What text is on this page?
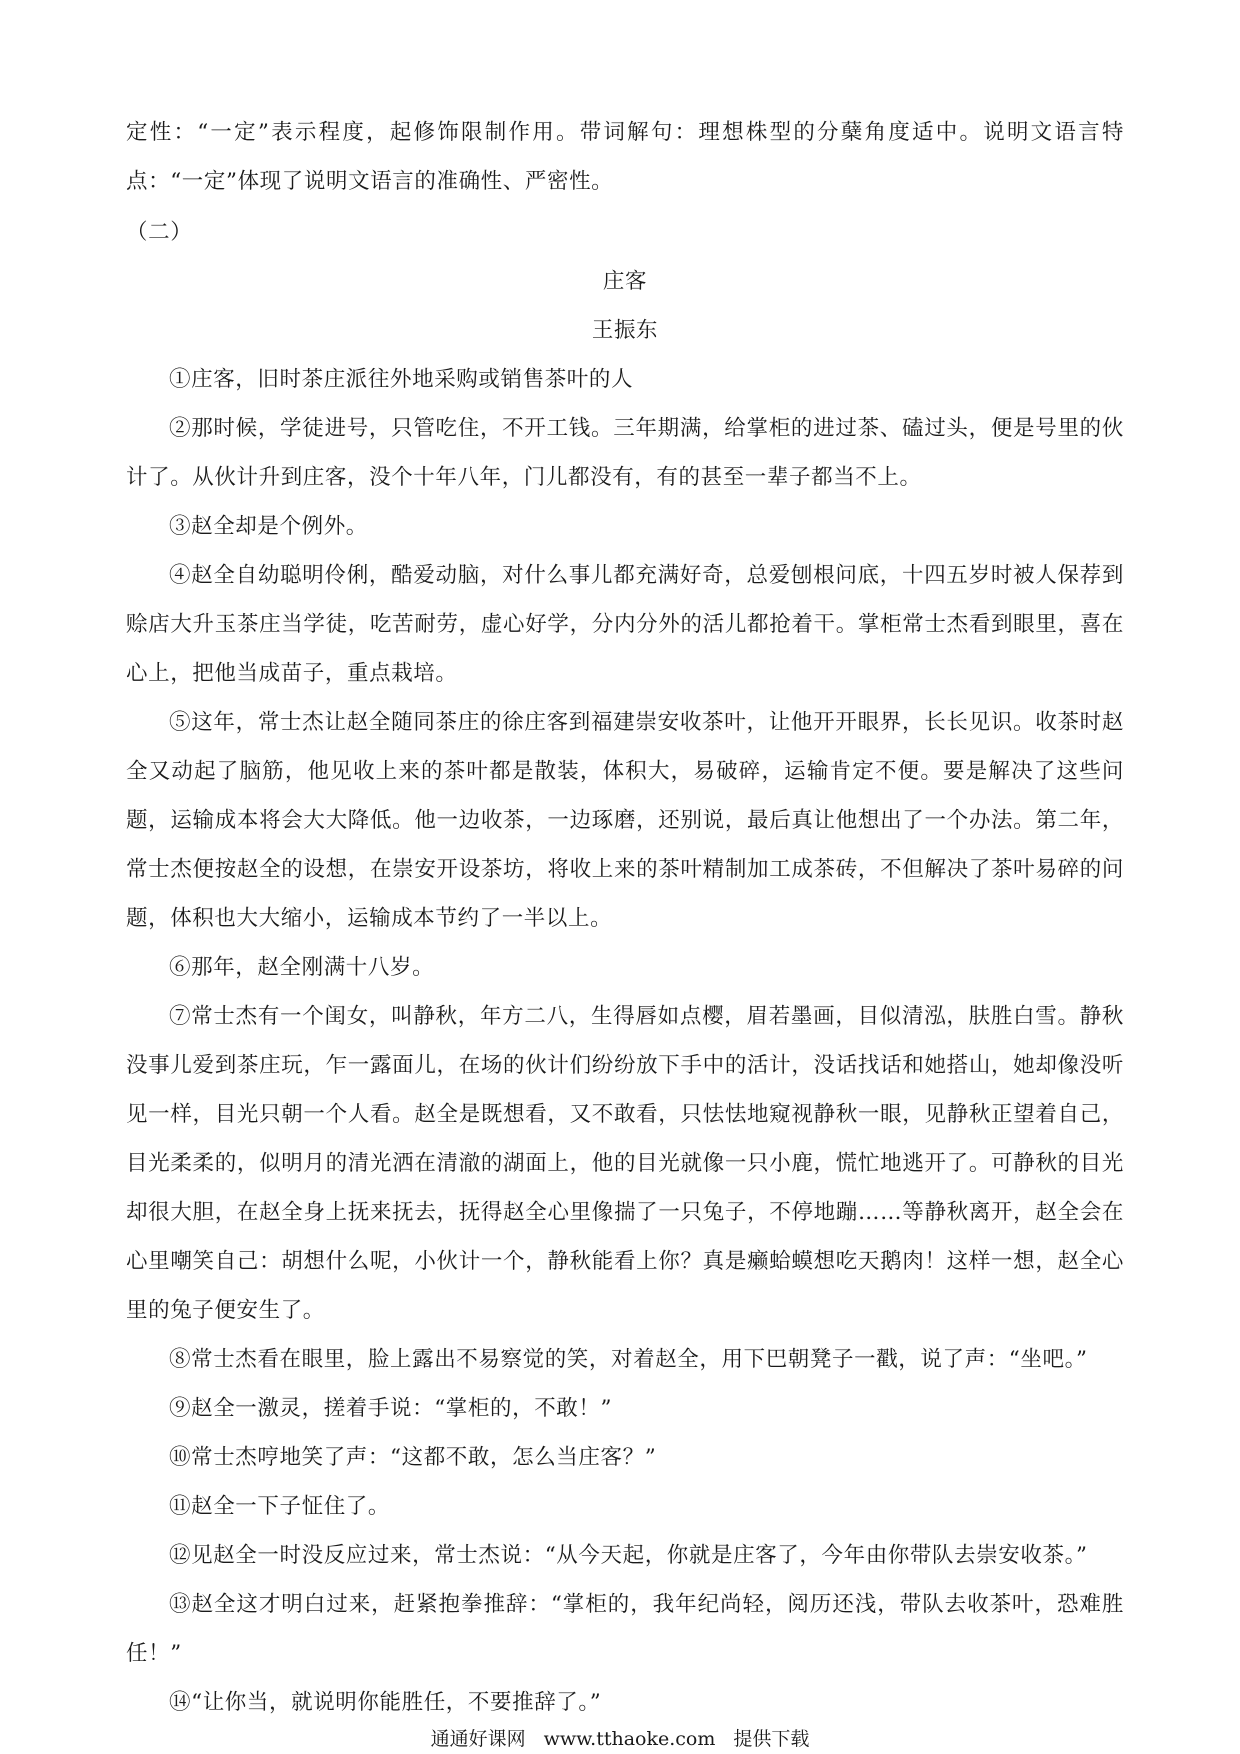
定性：“一定”表示程度，起修饰限制作用。带词解句：理想株型的分蘖角度适中。说明文语言特点：“一定”体现了说明文语言的准确性、严密性。

（二）

庄客

王振东

①庄客，旧时茶庄派往外地采购或销售茶叶的人

②那时候，学徒进号，只管吃住，不开工钱。三年期满，给掌柜的进过茶、磕过头，便是号里的伙计了。从伙计升到庄客，没个十年八年，门儿都没有，有的甚至一辈子都当不上。

③赵全却是个例外。

④赵全自幼聪明伶俐，酷爱动脑，对什么事儿都充满好奇，总爱刨根问底，十四五岁时被人保荐到赊店大升玉茶庄当学徒，吃苦耐劳，虚心好学，分内分外的活儿都抢着干。掌柜常士杰看到眼里，喜在心上，把他当成苗子，重点栽培。

⑤这年，常士杰让赵全随同茶庄的徐庄客到福建崇安收茶叶，让他开开眼界，长长见识。收茶时赵全又动起了脑筋，他见收上来的茶叶都是散装，体积大，易破碎，运输肯定不便。要是解决了这些问题，运输成本将会大大降低。他一边收茶，一边琢磨，还别说，最后真让他想出了一个办法。第二年，常士杰便按赵全的设想，在崇安开设茶坊，将收上来的茶叶精制加工成茶砖，不但解决了茶叶易碎的问题，体积也大大缩小，运输成本节约了一半以上。

⑥那年，赵全刚满十八岁。

⑦常士杰有一个闺女，叫静秋，年方二八，生得唇如点樱，眉若墨画，目似清泓，肤胜白雪。静秋没事儿爱到茶庄玩，乍一露面儿，在场的伙计们纷纷放下手中的活计，没话找话和她搭山，她却像没听见一样，目光只朝一个人看。赵全是既想看，又不敢看，只怯怯地窥视静秋一眼，见静秋正望着自己，目光柔柔的，似明月的清光洒在清澈的湖面上，他的目光就像一只小鹿，慌忙地逃开了。可静秋的目光却很大胆，在赵全身上抚来抚去，抚得赵全心里像揣了一只兔子，不停地蹦……等静秋离开，赵全会在心里嘲笑自己：胡想什么呢，小伙计一个，静秋能看上你？真是癞蛤蟆想吃天鹅肉！这样一想，赵全心里的兔子便安生了。

⑧常士杰看在眼里，脸上露出不易察觉的笑，对着赵全，用下巴朝凳子一戳，说了声：“坐吧。”

⑨赵全一激灵，搓着手说：“掌柜的，不敢！”

⑩常士杰哼地笑了声：“这都不敢，怎么当庄客？”

⑪赵全一下子怔住了。

⑫见赵全一时没反应过来，常士杰说：“从今天起，你就是庄客了，今年由你带队去崇安收茶。”

⑬赵全这才明白过来，赶紧抱拳推辞：“掌柜的，我年纪尚轻，阅历还浅，带队去收茶叶，恐难胜任！”

⑭“让你当，就说明你能胜任，不要推辞了。”

通通好课网 www.tthaoke.com 提供下载
